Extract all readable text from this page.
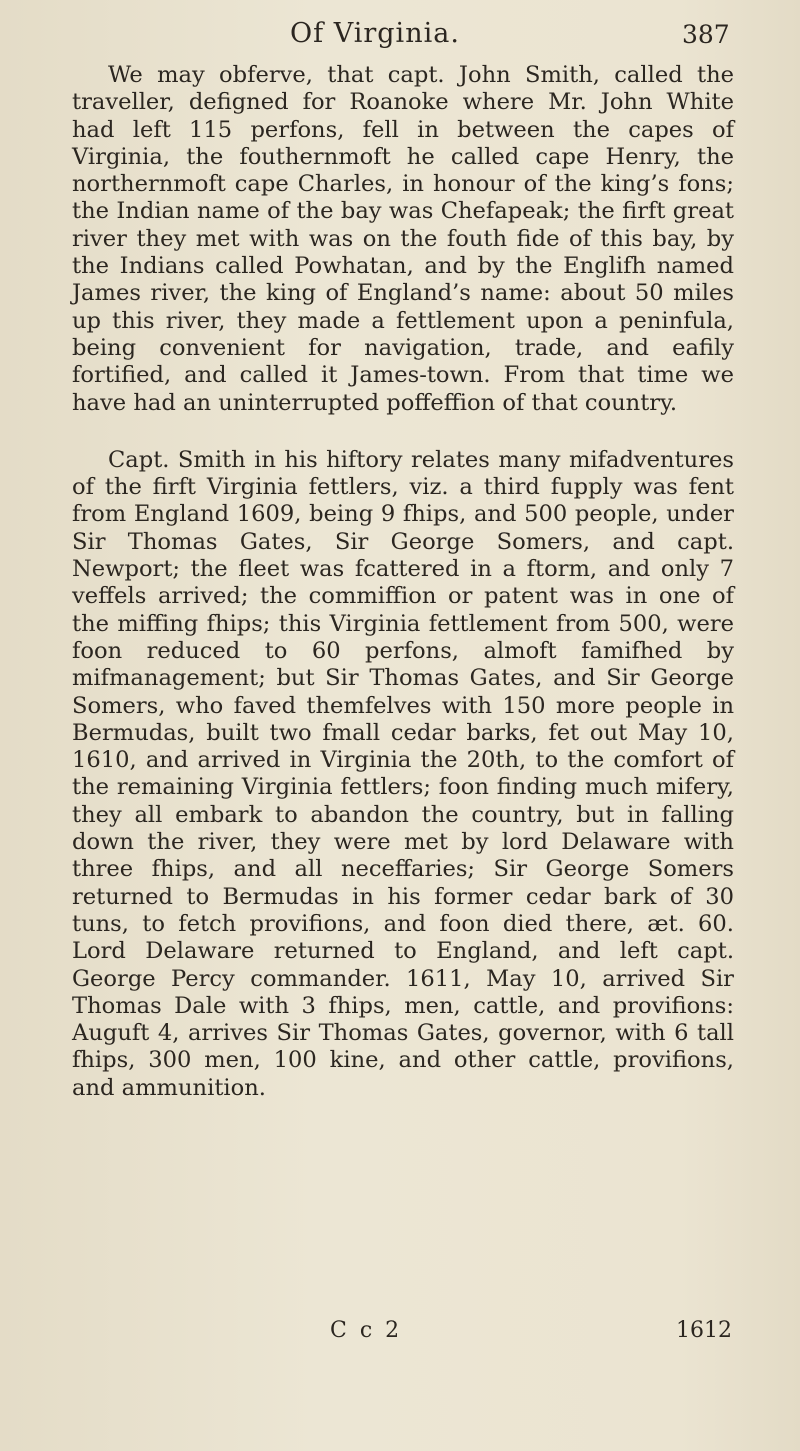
Of Virginia.	387

We may obferve, that capt. John Smith, called the traveller, defigned for Roanoke where Mr. John White had left 115 perfons, fell in between the capes of Virginia, the fouthernmoft he called cape Henry, the northernmoft cape Charles, in honour of the king’s fons; the Indian name of the bay was Chefapeak; the firft great river they met with was on the fouth fide of this bay, by the Indians called Powhatan, and by the Englifh named James river, the king of England’s name: about 50 miles up this river, they made a fettlement upon a peninfula, being convenient for navigation, trade, and eafily fortified, and called it James-town. From that time we have had an uninterrupted poffeffion of that country.

Capt. Smith in his hiftory relates many mifadventures of the firft Virginia fettlers, viz. a third fupply was fent from England 1609, being 9 fhips, and 500 people, under Sir Thomas Gates, Sir George Somers, and capt. Newport; the fleet was fcattered in a ftorm, and only 7 veffels arrived; the commiffion or patent was in one of the miffing fhips; this Virginia fettlement from 500, were foon reduced to 60 perfons, almoft famifhed by mifmanagement; but Sir Thomas Gates, and Sir George Somers, who faved themfelves with 150 more people in Bermudas, built two fmall cedar barks, fet out May 10, 1610, and arrived in Virginia the 20th, to the comfort of the remaining Virginia fettlers; foon finding much mifery, they all embark to abandon the country, but in falling down the river, they were met by lord Delaware with three fhips, and all neceffaries; Sir George Somers returned to Bermudas in his former cedar bark of 30 tuns, to fetch provifions, and foon died there, æt. 60. Lord Delaware returned to England, and left capt. George Percy commander. 1611, May 10, arrived Sir Thomas Dale with 3 fhips, men, cattle, and provifions: Auguft 4, arrives Sir Thomas Gates, governor, with 6 tall fhips, 300 men, 100 kine, and other cattle, provifions, and ammunition.

C c 2	1612
